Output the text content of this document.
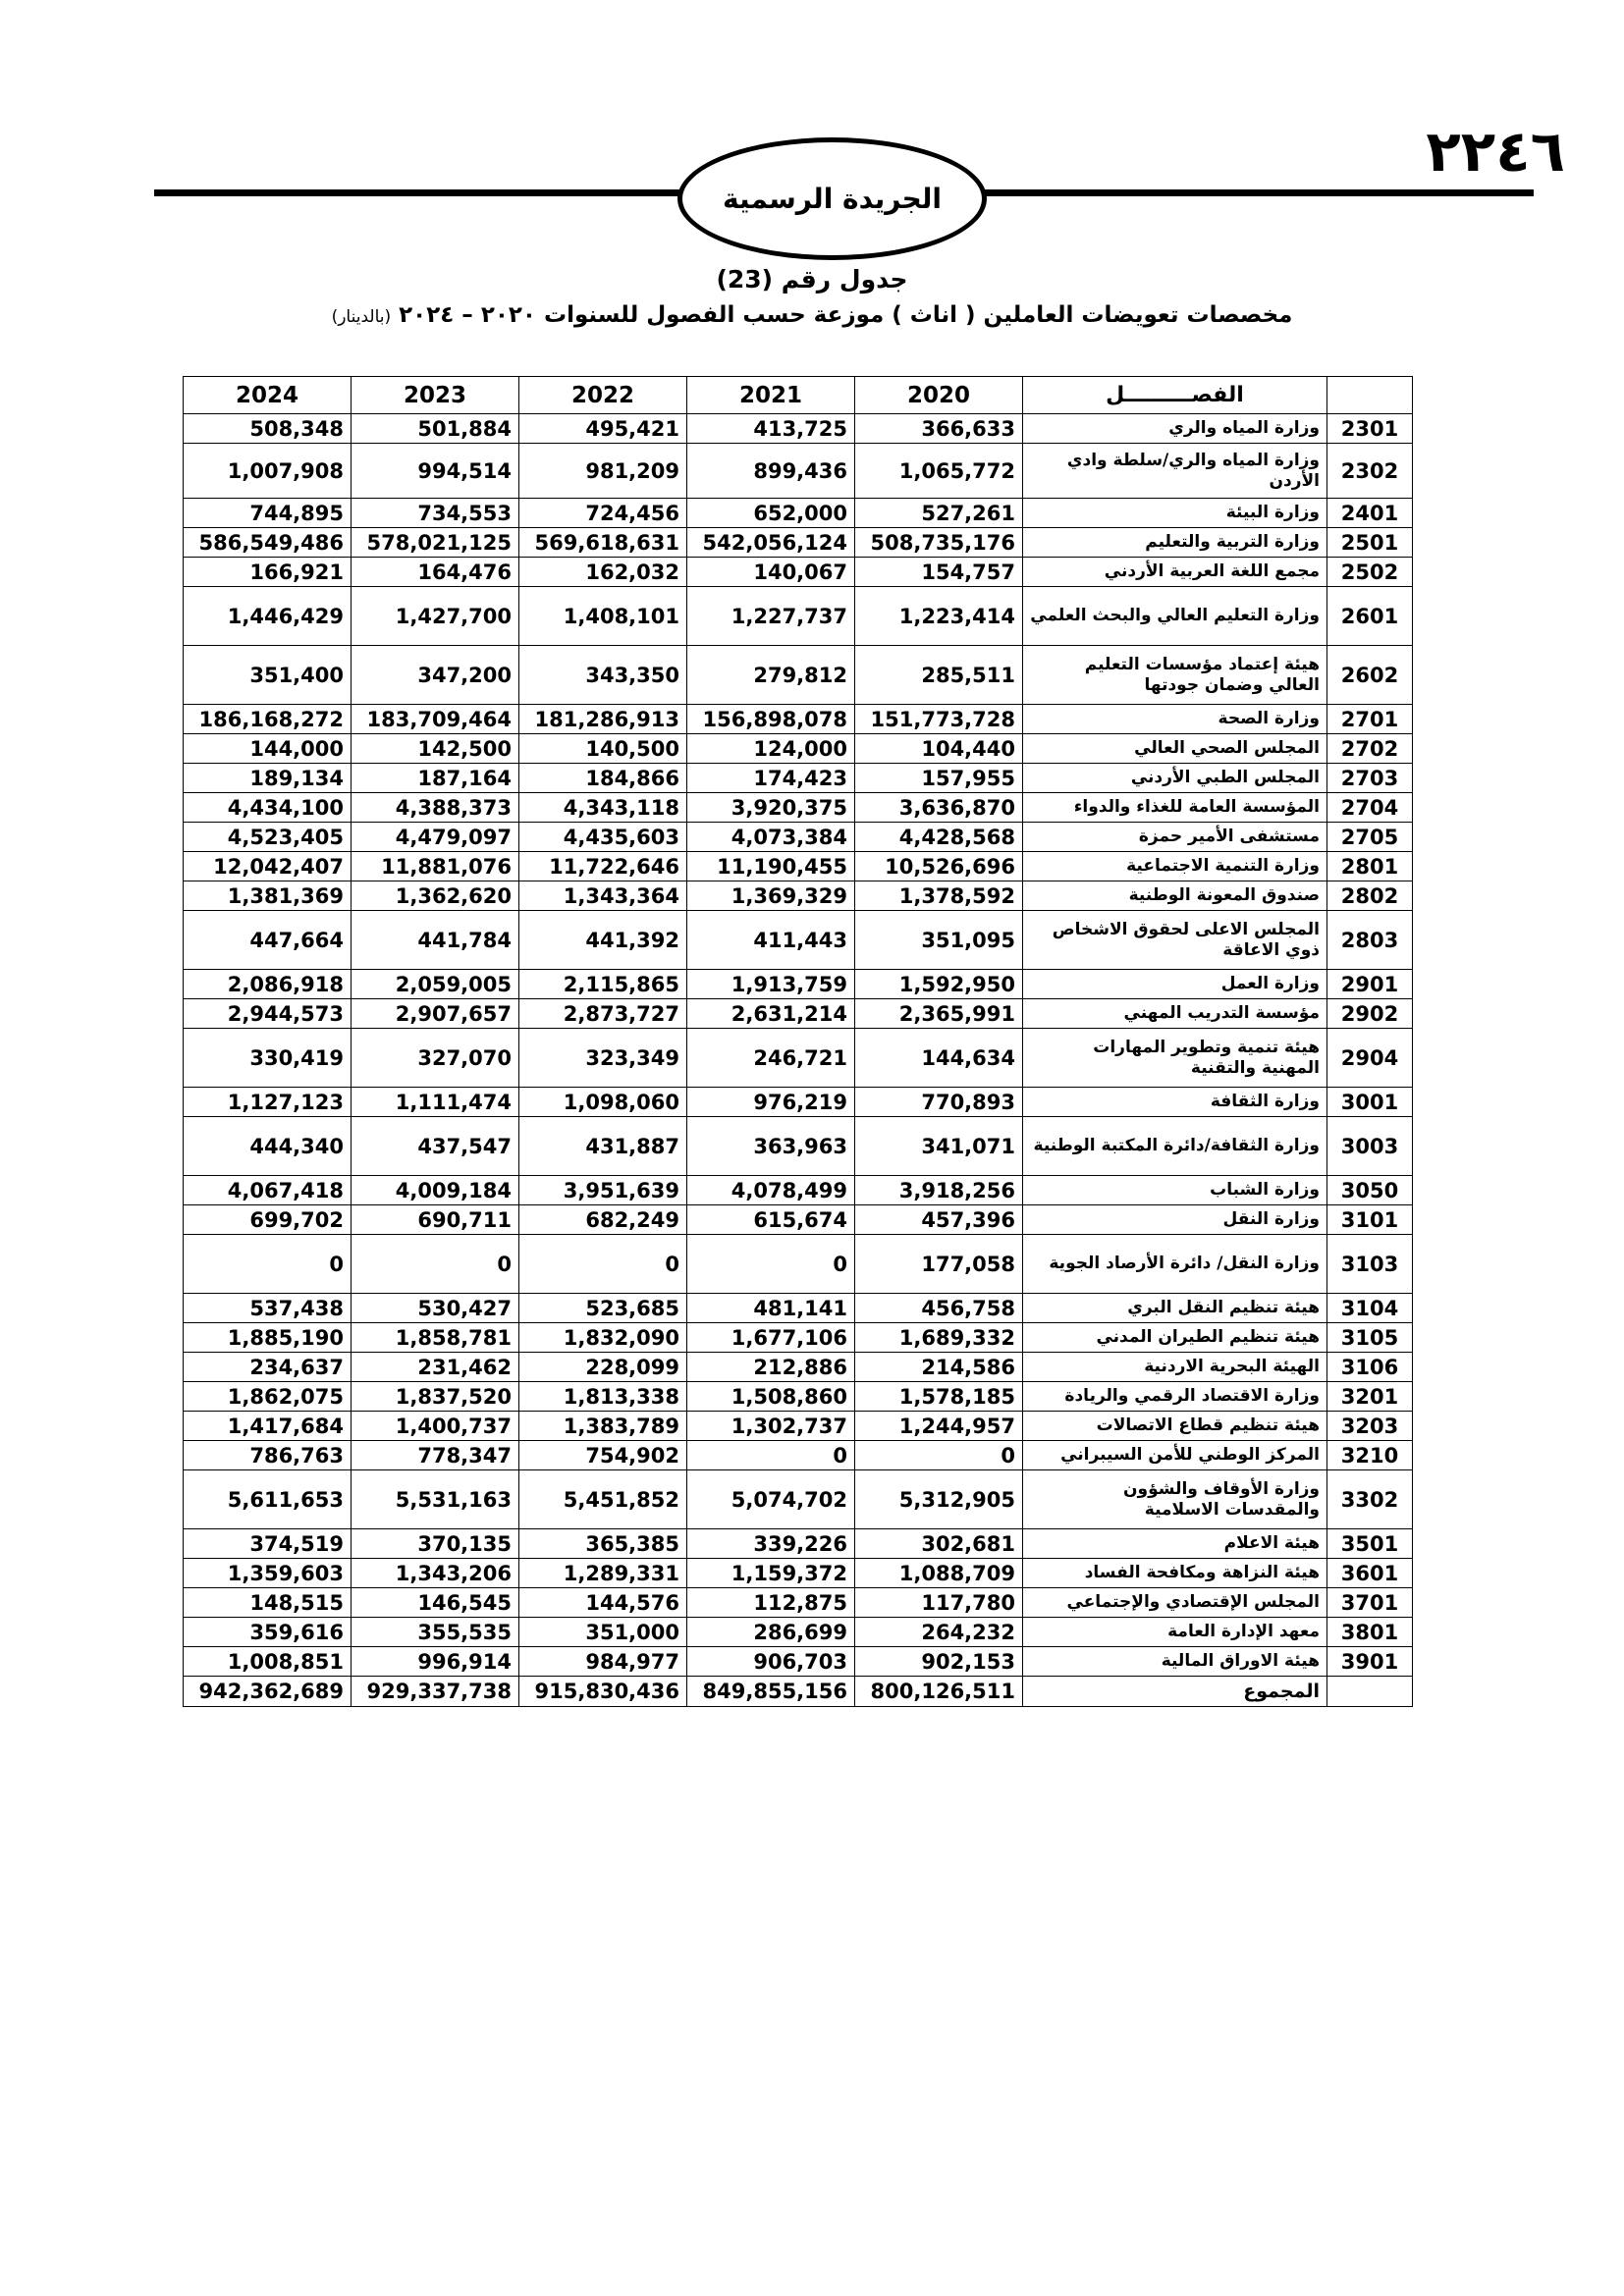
٢٢٤٦
الجريدة الرسمية
جدول رقم (23)
مخصصات تعويضات العاملين ( اناث ) موزعة حسب الفصول للسنوات ٢٠٢٠ – ٢٠٢٤ (بالدينار)
2024	2023	2022	2021	2020	الفصـــــــــل	
508,348	501,884	495,421	413,725	366,633	وزارة المياه والري	2301
1,007,908	994,514	981,209	899,436	1,065,772	وزارة المياه والري/سلطة وادي الأردن	2302
744,895	734,553	724,456	652,000	527,261	وزارة البيئة	2401
586,549,486	578,021,125	569,618,631	542,056,124	508,735,176	وزارة التربية والتعليم	2501
166,921	164,476	162,032	140,067	154,757	مجمع اللغة العربية الأردني	2502
1,446,429	1,427,700	1,408,101	1,227,737	1,223,414	وزارة التعليم العالي والبحث العلمي	2601
351,400	347,200	343,350	279,812	285,511	هيئة إعتماد مؤسسات التعليم العالي وضمان جودتها	2602
186,168,272	183,709,464	181,286,913	156,898,078	151,773,728	وزارة الصحة	2701
144,000	142,500	140,500	124,000	104,440	المجلس الصحي العالي	2702
189,134	187,164	184,866	174,423	157,955	المجلس الطبي الأردني	2703
4,434,100	4,388,373	4,343,118	3,920,375	3,636,870	المؤسسة العامة للغذاء والدواء	2704
4,523,405	4,479,097	4,435,603	4,073,384	4,428,568	مستشفى الأمير حمزة	2705
12,042,407	11,881,076	11,722,646	11,190,455	10,526,696	وزارة التنمية الاجتماعية	2801
1,381,369	1,362,620	1,343,364	1,369,329	1,378,592	صندوق المعونة الوطنية	2802
447,664	441,784	441,392	411,443	351,095	المجلس الاعلى لحقوق الاشخاص ذوي الاعاقة	2803
2,086,918	2,059,005	2,115,865	1,913,759	1,592,950	وزارة العمل	2901
2,944,573	2,907,657	2,873,727	2,631,214	2,365,991	مؤسسة التدريب المهني	2902
330,419	327,070	323,349	246,721	144,634	هيئة تنمية وتطوير المهارات المهنية والتقنية	2904
1,127,123	1,111,474	1,098,060	976,219	770,893	وزارة الثقافة	3001
444,340	437,547	431,887	363,963	341,071	وزارة الثقافة/دائرة المكتبة الوطنية	3003
4,067,418	4,009,184	3,951,639	4,078,499	3,918,256	وزارة الشباب	3050
699,702	690,711	682,249	615,674	457,396	وزارة النقل	3101
0	0	0	0	177,058	وزارة النقل/ دائرة الأرصاد الجوية	3103
537,438	530,427	523,685	481,141	456,758	هيئة تنظيم النقل البري	3104
1,885,190	1,858,781	1,832,090	1,677,106	1,689,332	هيئة تنظيم الطيران المدني	3105
234,637	231,462	228,099	212,886	214,586	الهيئة البحرية الاردنية	3106
1,862,075	1,837,520	1,813,338	1,508,860	1,578,185	وزارة الاقتصاد الرقمي والريادة	3201
1,417,684	1,400,737	1,383,789	1,302,737	1,244,957	هيئة تنظيم قطاع الاتصالات	3203
786,763	778,347	754,902	0	0	المركز الوطني للأمن السيبراني	3210
5,611,653	5,531,163	5,451,852	5,074,702	5,312,905	وزارة الأوقاف والشؤون والمقدسات الاسلامية	3302
374,519	370,135	365,385	339,226	302,681	هيئة الاعلام	3501
1,359,603	1,343,206	1,289,331	1,159,372	1,088,709	هيئة النزاهة ومكافحة الفساد	3601
148,515	146,545	144,576	112,875	117,780	المجلس الإقتصادي والإجتماعي	3701
359,616	355,535	351,000	286,699	264,232	معهد الإدارة العامة	3801
1,008,851	996,914	984,977	906,703	902,153	هيئة الاوراق المالية	3901
942,362,689	929,337,738	915,830,436	849,855,156	800,126,511	المجموع	
